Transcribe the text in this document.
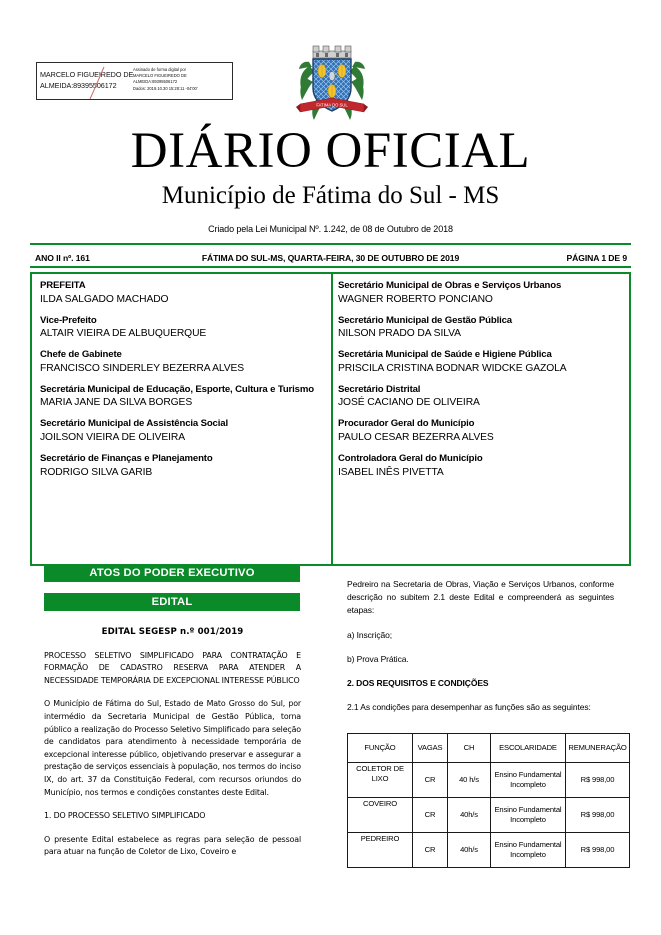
MARCELO FIGUEIREDO DE
ALMEIDA:89395506172
Assinado de forma digital por
MARCELO FIGUEIREDO DE
ALMEIDA:89395506172
Dados: 2019.10.30 15:28:11 -04'00'
FATIMA DO SUL
DIÁRIO OFICIAL
Município de Fátima do Sul - MS
Criado pela Lei Municipal Nº. 1.242, de 08 de Outubro de 2018
ANO II nº. 161	FÁTIMA DO SUL-MS, QUARTA-FEIRA, 30 DE OUTUBRO DE 2019	PÁGINA 1 DE 9
PREFEITA
ILDA SALGADO MACHADO
Vice-Prefeito
ALTAIR VIEIRA DE ALBUQUERQUE
Chefe de Gabinete
FRANCISCO SINDERLEY BEZERRA ALVES
Secretária Municipal de Educação, Esporte, Cultura e Turismo
MARIA JANE DA SILVA BORGES
Secretário Municipal de Assistência Social
JOILSON VIEIRA DE OLIVEIRA
Secretário de Finanças e Planejamento
RODRIGO SILVA GARIB
Secretário Municipal de Obras e Serviços Urbanos
WAGNER ROBERTO PONCIANO
Secretário Municipal de Gestão Pública
NILSON PRADO DA SILVA
Secretária Municipal de Saúde e Higiene Pública
PRISCILA CRISTINA BODNAR WIDCKE GAZOLA
Secretário Distrital
JOSÉ CACIANO DE OLIVEIRA
Procurador Geral do Município
PAULO CESAR BEZERRA ALVES
Controladora Geral do Município
ISABEL INÊS PIVETTA
ATOS DO PODER EXECUTIVO
EDITAL
EDITAL SEGESP n.º 001/2019
PROCESSO SELETIVO SIMPLIFICADO PARA CONTRATAÇÃO E FORMAÇÃO DE CADASTRO RESERVA PARA ATENDER A NECESSIDADE TEMPORÁRIA DE EXCEPCIONAL INTERESSE PÚBLICO
O Município de Fátima do Sul, Estado de Mato Grosso do Sul, por intermédio da Secretaria Municipal de Gestão Pública, torna público a realização do Processo Seletivo Simplificado para seleção de candidatos para atendimento à necessidade temporária de excepcional interesse público, objetivando preservar e assegurar a prestação de serviços essenciais à população, nos termos do inciso IX, do art. 37 da Constituição Federal, com recursos oriundos do Município, nos termos e condições constantes deste Edital.
1. DO PROCESSO SELETIVO SIMPLIFICADO
O presente Edital estabelece as regras para seleção de pessoal para atuar na função de Coletor de Lixo, Coveiro e
Pedreiro na Secretaria de Obras, Viação e Serviços Urbanos, conforme descrição no subitem 2.1 deste Edital e compreenderá as seguintes etapas:
a) Inscrição;
b) Prova Prática.
2. DOS REQUISITOS E CONDIÇÕES
2.1 As condições para desempenhar as funções são as seguintes:
FUNÇÃO	VAGAS	CH	ESCOLARIDADE	REMUNERAÇÃO
COLETOR DE LIXO	CR	40 h/s	Ensino Fundamental Incompleto	R$ 998,00
COVEIRO	CR	40h/s	Ensino Fundamental Incompleto	R$ 998,00
PEDREIRO	CR	40h/s	Ensino Fundamental Incompleto	R$ 998,00
